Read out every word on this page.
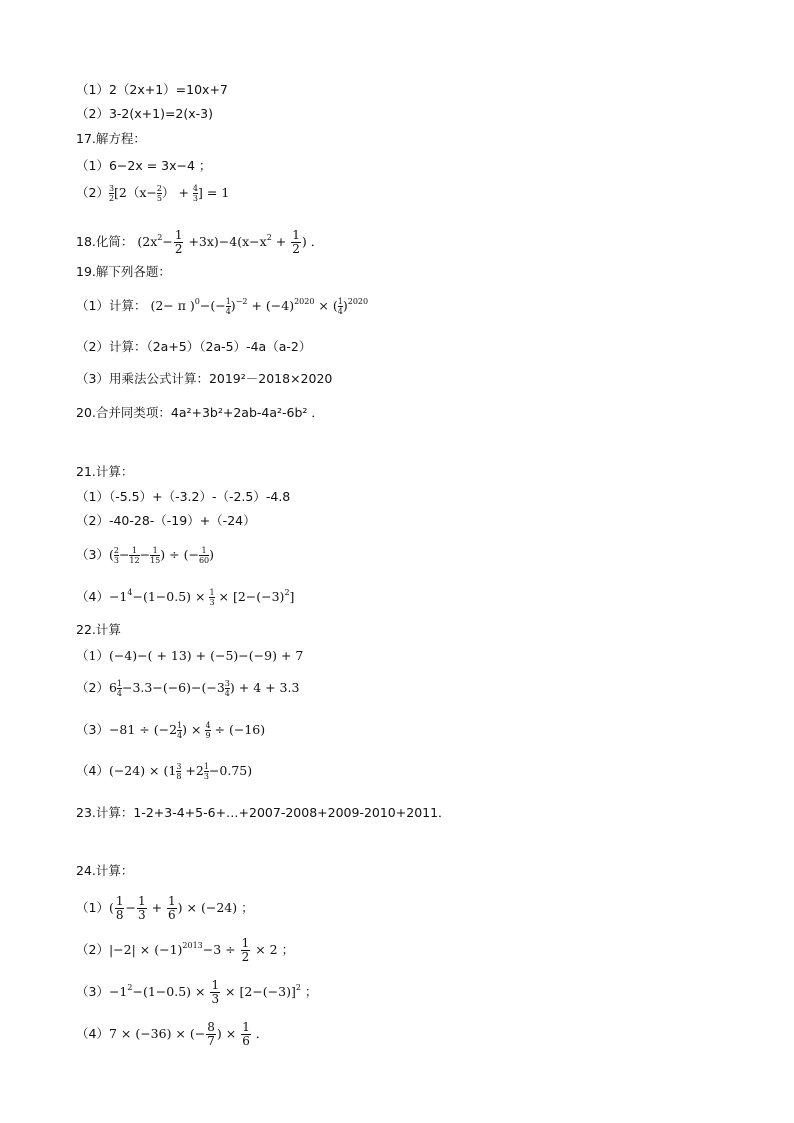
（1）2（2x+1）=10x+7
（2）3-2(x+1)=2(x-3)
17.解方程：
（1）6−2x = 3x−4 ；
$(2) \frac{3}{2} [2(x- \frac{2}{5}$ ） + $\frac{4}{3}$ ] = 1
18.化简： $(2x^2- \frac{1}{2} +3x)-4(x-x^2 + \frac{1}{2}$ ) ．
19.解下列各题：
（1）计算： (2− π )$^0-(- \frac{1}{4} )^{-2} + (-4)^{2020}$ × ( $\frac{1}{4} )^{2020}$
（2）计算：（2a+5）（2a-5）-4a（a-2）
（3）用乘法公式计算：2019²－2018×2020
20.合并同类项：4a²+3b²+2ab-4a²-6b² ．
21.计算：
（1）（-5.5）+（-3.2）-（-2.5）-4.8
（2）-40-28-（-19）+（-24）
$(3)( \frac{2}{3} - \frac{1}{12} - \frac{1}{15}$ ) ÷ (− $\frac{1}{60}$ )
$(4)-1^4-(1-0.5) \times \frac{1}{3} \times [2-(-3)^2]$
22.计算
（1）(−4)−( + 13) + (−5)−(−9) + 7
$(2)6 \frac{1}{4} -3.3-(-6)-(-3 \frac{3}{4}$ ) + 4 + 3.3
$(3)-81 \div (-2 \frac{1}{4}$ ) × $\frac{4}{9} \div (-16)$
$(4)(-24) \times (1 \frac{3}{8} +2 \frac{1}{3} -0.75)$
23.计算：1-2+3-4+5-6+…+2007-2008+2009-2010+2011．
24.计算：
$(1)( \frac{1}{8} - \frac{1}{3} + \frac{1}{6}$ ) × (−24) ；
$(2)|-2| \times (-1)^{2013}-3 \div \frac{1}{2} \times 2$ ；
$(3)-1^2-(1-0.5) \times \frac{1}{3} \times [2-(-3)]^2$ ；
（4）7 × (−36) × (− $\frac{8}{7}$ ) × $\frac{1}{6}$ ．
